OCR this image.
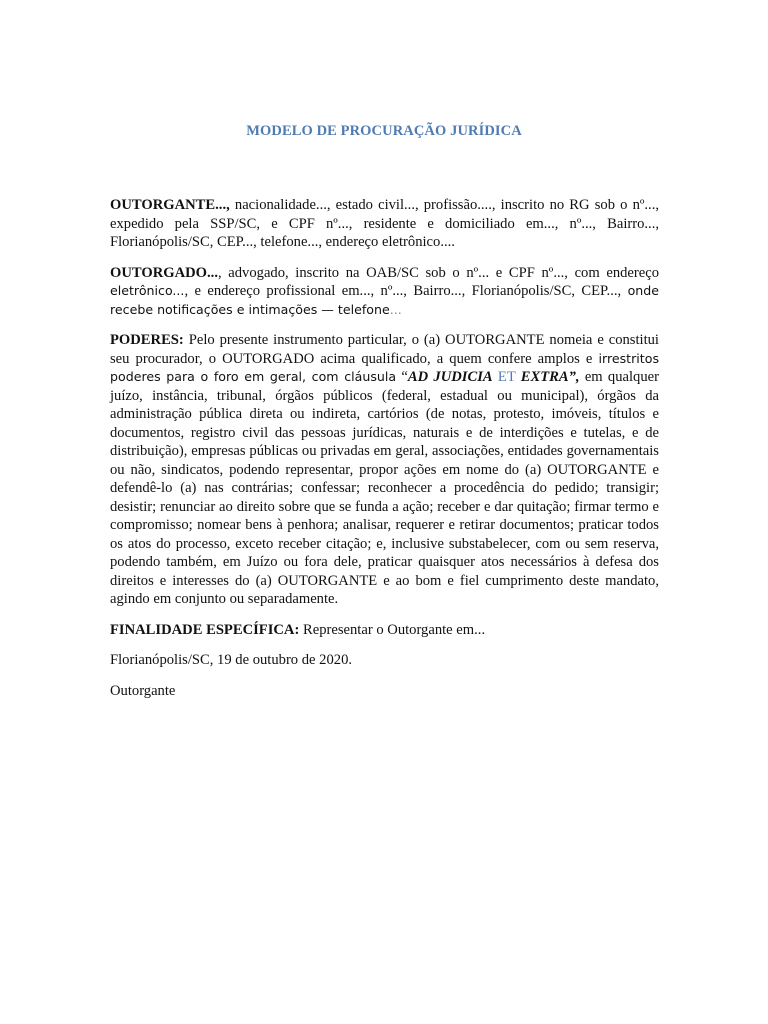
MODELO DE PROCURAÇÃO JURÍDICA

OUTORGANTE..., nacionalidade..., estado civil..., profissão...., inscrito no RG sob o nº..., expedido pela SSP/SC, e CPF nº..., residente e domiciliado em..., nº..., Bairro..., Florianópolis/SC, CEP..., telefone..., endereço eletrônico....

OUTORGADO..., advogado, inscrito na OAB/SC sob o nº... e CPF nº..., com endereço eletrônico..., e endereço profissional em..., nº..., Bairro..., Florianópolis/SC, CEP..., onde recebe notificações e intimações — telefone...

PODERES: Pelo presente instrumento particular, o (a) OUTORGANTE nomeia e constitui seu procurador, o OUTORGADO acima qualificado, a quem confere amplos e irrestritos poderes para o foro em geral, com cláusula “AD JUDICIA ET EXTRA”, em qualquer juízo, instância, tribunal, órgãos públicos (federal, estadual ou municipal), órgãos da administração pública direta ou indireta, cartórios (de notas, protesto, imóveis, títulos e documentos, registro civil das pessoas jurídicas, naturais e de interdições e tutelas, e de distribuição), empresas públicas ou privadas em geral, associações, entidades governamentais ou não, sindicatos, podendo representar, propor ações em nome do (a) OUTORGANTE e defendê-lo (a) nas contrárias; confessar; reconhecer a procedência do pedido; transigir; desistir; renunciar ao direito sobre que se funda a ação; receber e dar quitação; firmar termo e compromisso; nomear bens à penhora; analisar, requerer e retirar documentos; praticar todos os atos do processo, exceto receber citação; e, inclusive substabelecer, com ou sem reserva, podendo também, em Juízo ou fora dele, praticar quaisquer atos necessários à defesa dos direitos e interesses do (a) OUTORGANTE e ao bom e fiel cumprimento deste mandato, agindo em conjunto ou separadamente.

FINALIDADE ESPECÍFICA: Representar o Outorgante em...

Florianópolis/SC, 19 de outubro de 2020.

Outorgante
